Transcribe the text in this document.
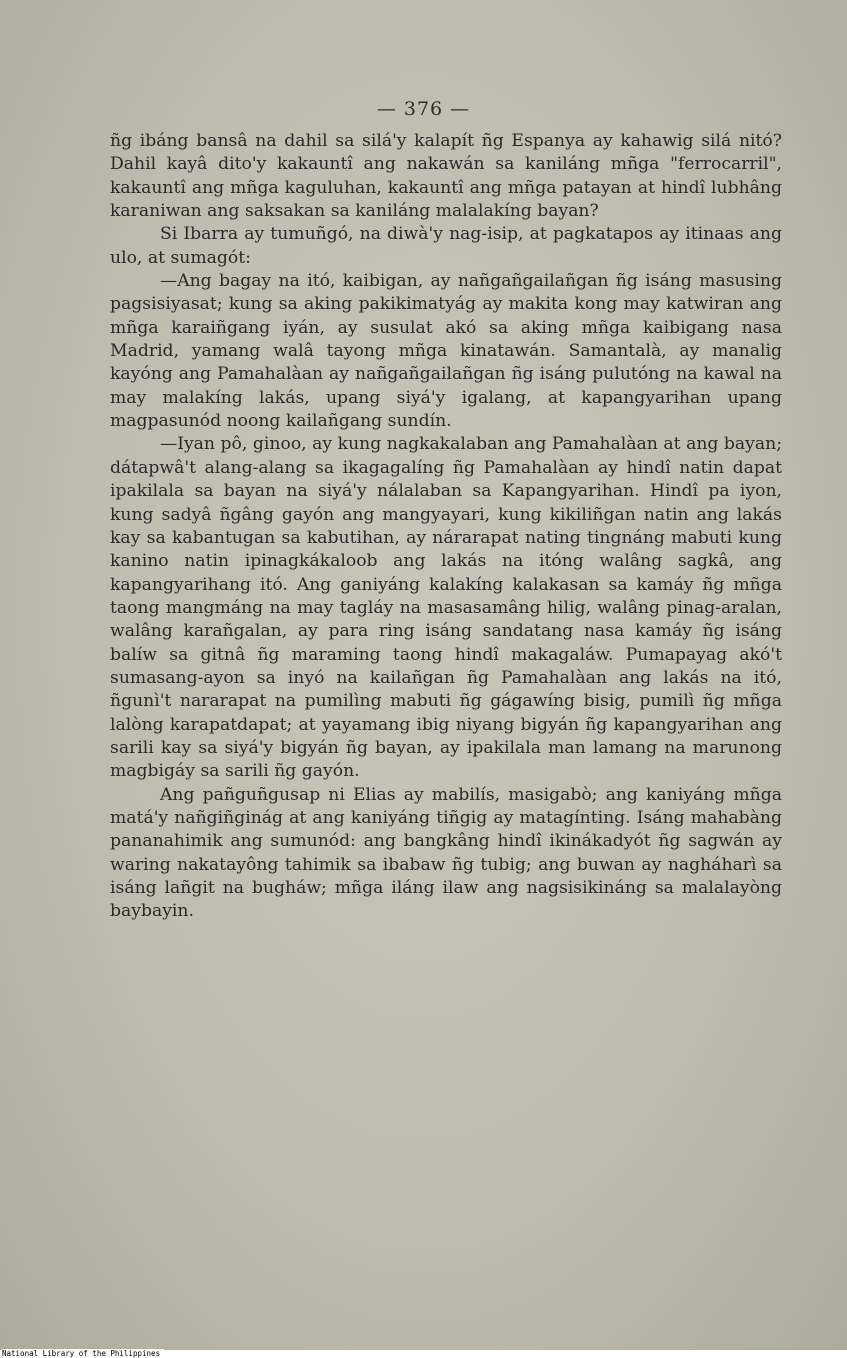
— 376 —

ñg ibáng bansâ na dahil sa silá'y kalapít ñg Espanya ay kahawig silá nitó? Dahil kayâ dito'y kakauntî ang nakawán sa kaniláng mñga "ferrocarril", kakauntî ang mñga kaguluhan, kakauntî ang mñga patayan at hindî lubhâng karaniwan ang saksakan sa kaniláng malalakíng bayan?

Si Ibarra ay tumuñgó, na diwà'y nag-isip, at pagkatapos ay itinaas ang ulo, at sumagót:

—Ang bagay na itó, kaibigan, ay nañgañgailañgan ñg isáng masusing pagsisiyasat; kung sa aking pakikimatyág ay makita kong may katwiran ang mñga karaiñgang iyán, ay susulat akó sa aking mñga kaibigang nasa Madrid, yamang walâ tayong mñga kinatawán. Samantalà, ay manalig kayóng ang Pamahalàan ay nañgañgailañgan ñg isáng pulutóng na kawal na may malakíng lakás, upang siyá'y igalang, at kapangyarihan upang magpasunód noong kailañgang sundín.

—Iyan pô, ginoo, ay kung nagkakalaban ang Pamahalàan at ang bayan; dátapwâ't alang-alang sa ikagagalíng ñg Pamahalàan ay hindî natin dapat ipakilala sa bayan na siyá'y nálalaban sa Kapangyarihan. Hindî pa iyon, kung sadyâ ñgâng gayón ang mangyayari, kung kikiliñgan natin ang lakás kay sa kabantugan sa kabutihan, ay nárarapat nating tingnáng mabuti kung kanino natin ipinagkákaloob ang lakás na itóng walâng sagkâ, ang kapangyarihang itó. Ang ganiyáng kalakíng kalakasan sa kamáy ñg mñga taong mangmáng na may tagláy na masasamâng hilig, walâng pinag-aralan, walâng karañgalan, ay para ring isáng sandatang nasa kamáy ñg isáng balíw sa gitnâ ñg maraming taong hindî makagaláw. Pumapayag akó't sumasang-ayon sa inyó na kailañgan ñg Pamahalàan ang lakás na itó, ñgunì't nararapat na pumilìng mabuti ñg gágawíng bisig, pumilì ñg mñga lalòng karapatdapat; at yayamang ibig niyang bigyán ñg kapangyarihan ang sarili kay sa siyá'y bigyán ñg bayan, ay ipakilala man lamang na marunong magbigáy sa sarili ñg gayón.

Ang pañguñgusap ni Elias ay mabilís, masigabò; ang kaniyáng mñga matá'y nañgiñginág at ang kaniyáng tiñgig ay matagínting. Isáng mahabàng pananahimik ang sumunód: ang bangkâng hindî ikinákadyót ñg sagwán ay waring nakatayông tahimik sa ibabaw ñg tubig; ang buwan ay nagháharì sa isáng lañgit na bugháw; mñga iláng ilaw ang nagsisikináng sa malalayòng baybayin.

National Library of the Philippines
